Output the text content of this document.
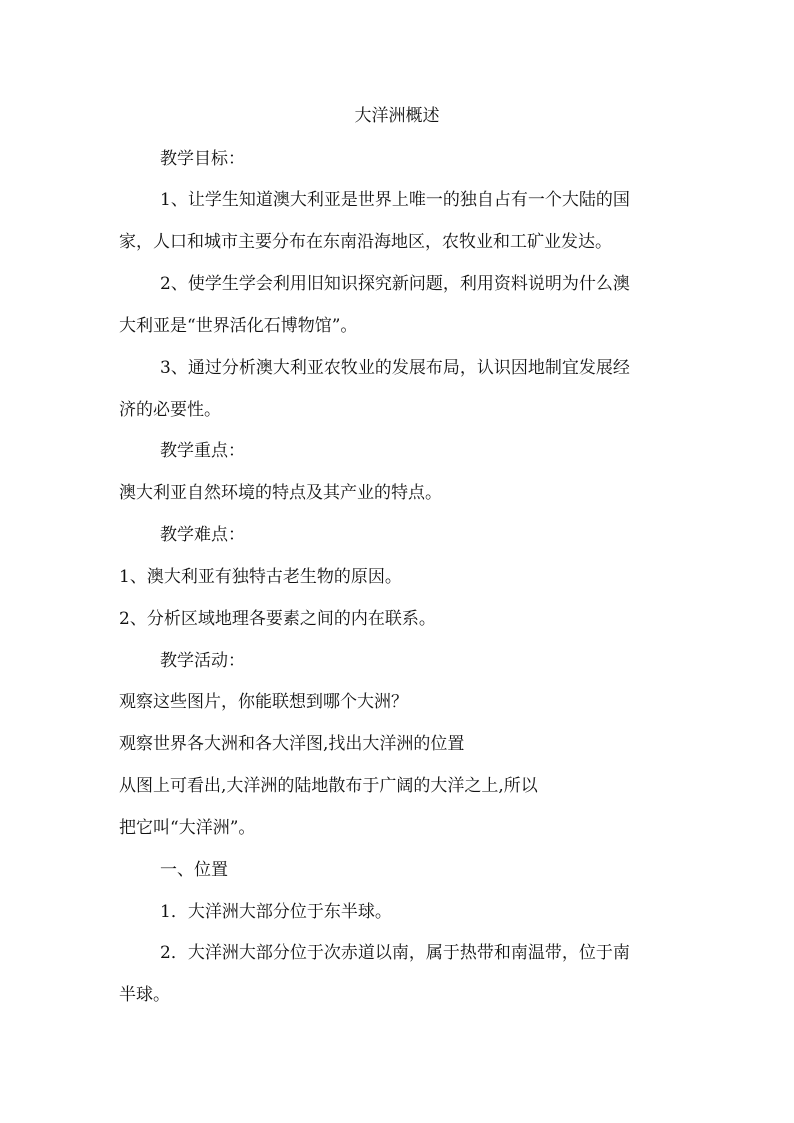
大洋洲概述
教学目标：
1、让学生知道澳大利亚是世界上唯一的独自占有一个大陆的国
家，人口和城市主要分布在东南沿海地区，农牧业和工矿业发达。
2、使学生学会利用旧知识探究新问题，利用资料说明为什么澳
大利亚是“世界活化石博物馆”。
3、通过分析澳大利亚农牧业的发展布局，认识因地制宜发展经
济的必要性。
教学重点：
澳大利亚自然环境的特点及其产业的特点。
教学难点：
1、澳大利亚有独特古老生物的原因。
2、分析区域地理各要素之间的内在联系。
教学活动：
观察这些图片，你能联想到哪个大洲？
观察世界各大洲和各大洋图,找出大洋洲的位置
从图上可看出,大洋洲的陆地散布于广阔的大洋之上,所以
把它叫“大洋洲”。
一、位置
1．大洋洲大部分位于东半球。
2．大洋洲大部分位于次赤道以南，属于热带和南温带，位于南
半球。
